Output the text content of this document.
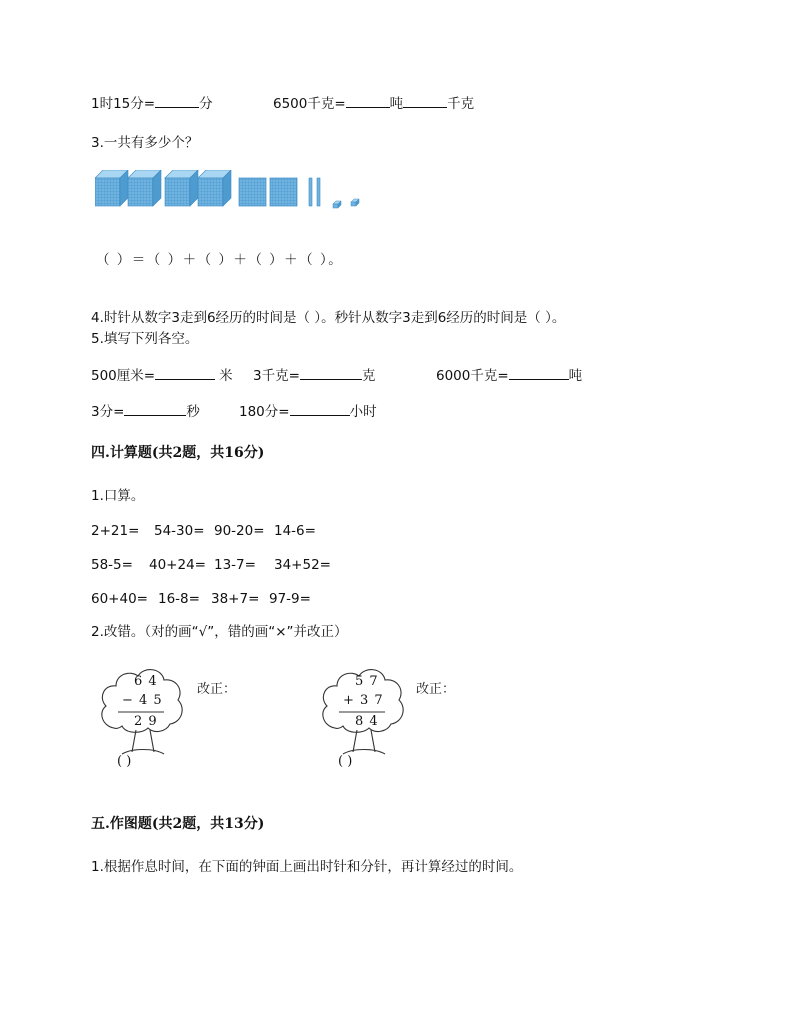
1时15分=	分	6500千克=	吨	千克
3.一共有多少个？
（ ）＝（ ）＋（ ）＋（ ）＋（ ）。
4.时针从数字3走到6经历的时间是（ ）。秒针从数字3走到6经历的时间是（ ）。
5.填写下列各空。
500厘米=	米 3千克=	克	6000千克=	吨
3分=	秒	180分=	小时
四.计算题(共2题，共16分)
1.口算。
2+21= 54-30= 90-20= 14-6=
58-5= 40+24= 13-7= 34+52=
60+40= 16-8= 38+7= 97-9=
2.改错。（对的画“√”，错的画“×”并改正）
6 4
− 4 5
2 9
( )
改正：
5 7
+ 3 7
8 4
( )
改正：
五.作图题(共2题，共13分)
1.根据作息时间，在下面的钟面上画出时针和分针，再计算经过的时间。
